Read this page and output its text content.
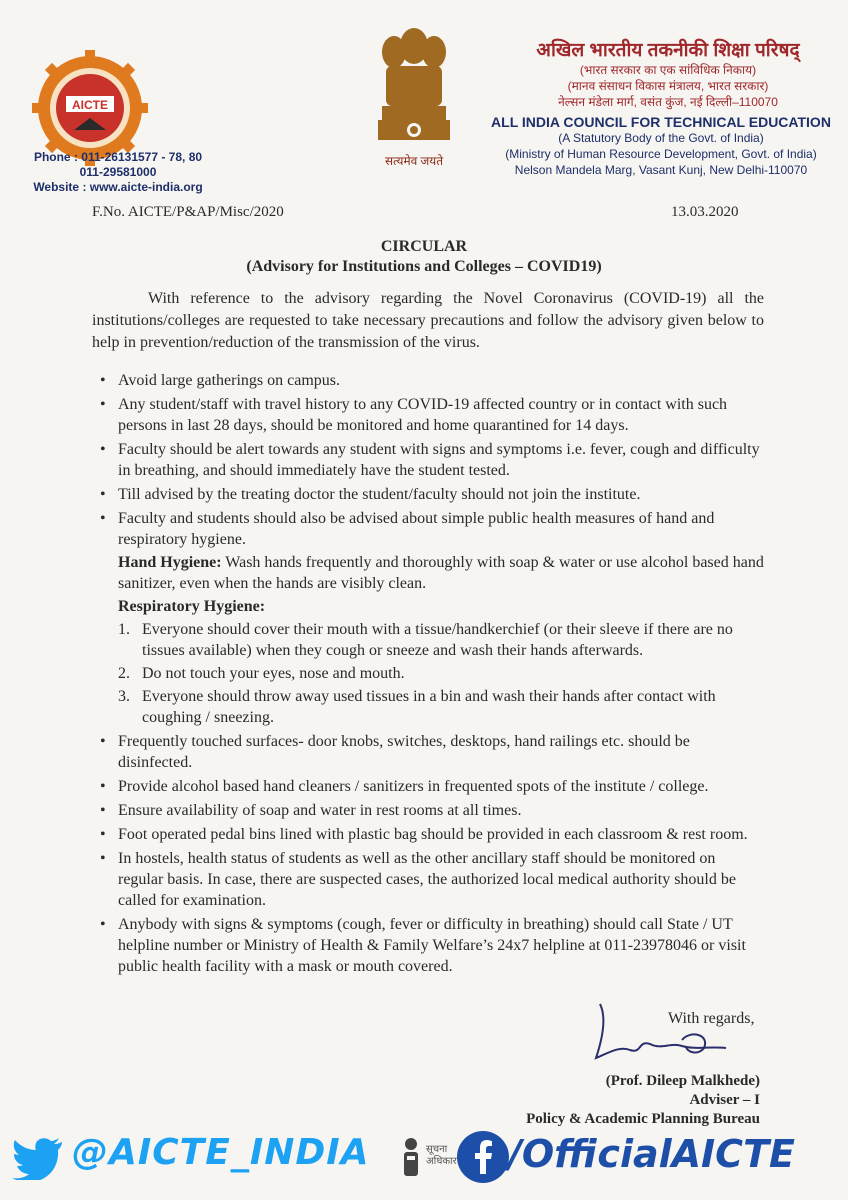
AICTE
सत्यमेव जयते
Phone : 011-26131577 - 78, 80
011-29581000
Website : www.aicte-india.org
अखिल भारतीय तकनीकी शिक्षा परिषद्
(भारत सरकार का एक सांविधिक निकाय)
(मानव संसाधन विकास मंत्रालय, भारत सरकार)
नेल्सन मंडेला मार्ग, वसंत कुंज, नई दिल्ली–110070
ALL INDIA COUNCIL FOR TECHNICAL EDUCATION
(A Statutory Body of the Govt. of India)
(Ministry of Human Resource Development, Govt. of India)
Nelson Mandela Marg, Vasant Kunj, New Delhi-110070
F.No. AICTE/P&AP/Misc/2020	13.03.2020
CIRCULAR
(Advisory for Institutions and Colleges – COVID19)
With reference to the advisory regarding the Novel Coronavirus (COVID-19) all the institutions/colleges are requested to take necessary precautions and follow the advisory given below to help in prevention/reduction of the transmission of the virus.
• Avoid large gatherings on campus.
• Any student/staff with travel history to any COVID-19 affected country or in contact with such persons in last 28 days, should be monitored and home quarantined for 14 days.
• Faculty should be alert towards any student with signs and symptoms i.e. fever, cough and difficulty in breathing, and should immediately have the student tested.
• Till advised by the treating doctor the student/faculty should not join the institute.
• Faculty and students should also be advised about simple public health measures of hand and respiratory hygiene.
Hand Hygiene: Wash hands frequently and thoroughly with soap & water or use alcohol based hand sanitizer, even when the hands are visibly clean.
Respiratory Hygiene:
1. Everyone should cover their mouth with a tissue/handkerchief (or their sleeve if there are no tissues available) when they cough or sneeze and wash their hands afterwards.
2. Do not touch your eyes, nose and mouth.
3. Everyone should throw away used tissues in a bin and wash their hands after contact with coughing / sneezing.
• Frequently touched surfaces- door knobs, switches, desktops, hand railings etc. should be disinfected.
• Provide alcohol based hand cleaners / sanitizers in frequented spots of the institute / college.
• Ensure availability of soap and water in rest rooms at all times.
• Foot operated pedal bins lined with plastic bag should be provided in each classroom & rest room.
• In hostels, health status of students as well as the other ancillary staff should be monitored on regular basis. In case, there are suspected cases, the authorized local medical authority should be called for examination.
• Anybody with signs & symptoms (cough, fever or difficulty in breathing) should call State / UT helpline number or Ministry of Health & Family Welfare’s 24x7 helpline at 011-23978046 or visit public health facility with a mask or mouth covered.
With regards,
(Prof. Dileep Malkhede)
Adviser – I
Policy & Academic Planning Bureau
@AICTE_INDIA	सूचना
अधिकार /OfficialAICTE
